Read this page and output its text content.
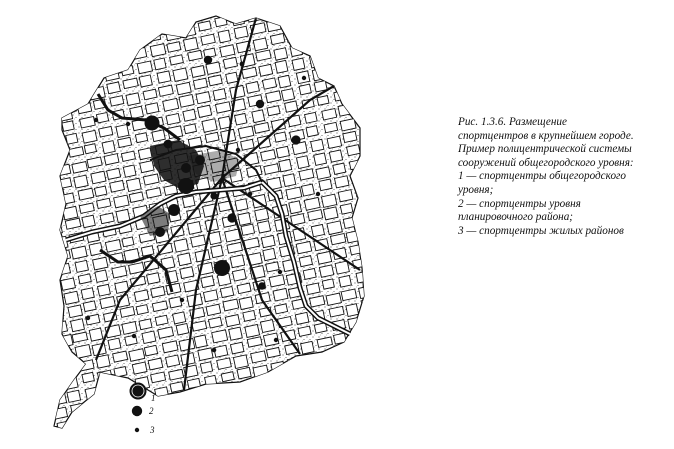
1
2
3
Рис. 1.3.6. Размещение
спортцентров в крупнейшем городе.
Пример полицентрической системы
сооружений общегородского уровня:
1 — спортцентры общегородского
уровня;
2 — спортцентры уровня
планировочного района;
3 — спортцентры жилых районов
